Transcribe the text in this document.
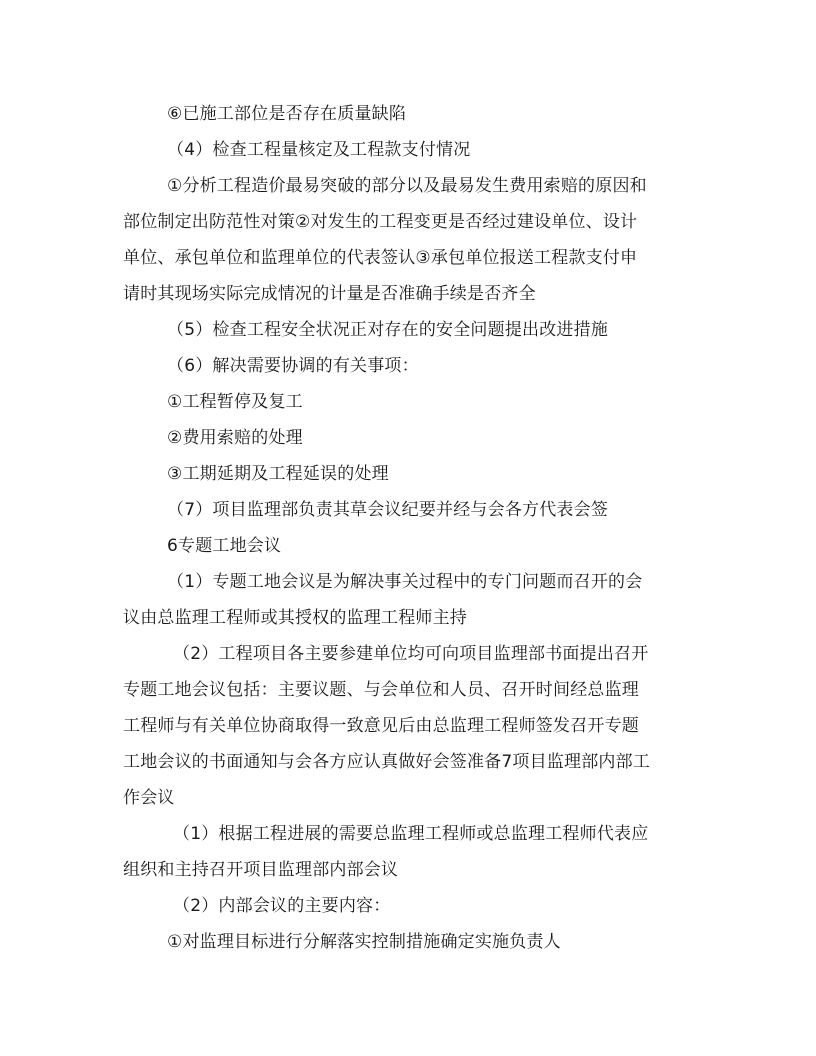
⑥已施工部位是否存在质量缺陷
（4）检查工程量核定及工程款支付情况
①分析工程造价最易突破的部分以及最易发生费用索赔的原因和
部位制定出防范性对策②对发生的工程变更是否经过建设单位、设计
单位、承包单位和监理单位的代表签认③承包单位报送工程款支付申
请时其现场实际完成情况的计量是否准确手续是否齐全
（5）检查工程安全状况正对存在的安全问题提出改进措施
（6）解决需要协调的有关事项：
①工程暂停及复工
②费用索赔的处理
③工期延期及工程延误的处理
（7）项目监理部负责其草会议纪要并经与会各方代表会签
6专题工地会议
（1）专题工地会议是为解决事关过程中的专门问题而召开的会
议由总监理工程师或其授权的监理工程师主持
（2）工程项目各主要参建单位均可向项目监理部书面提出召开
专题工地会议包括：主要议题、与会单位和人员、召开时间经总监理
工程师与有关单位协商取得一致意见后由总监理工程师签发召开专题
工地会议的书面通知与会各方应认真做好会签准备7项目监理部内部工
作会议
（1）根据工程进展的需要总监理工程师或总监理工程师代表应
组织和主持召开项目监理部内部会议
（2）内部会议的主要内容：
①对监理目标进行分解落实控制措施确定实施负责人
